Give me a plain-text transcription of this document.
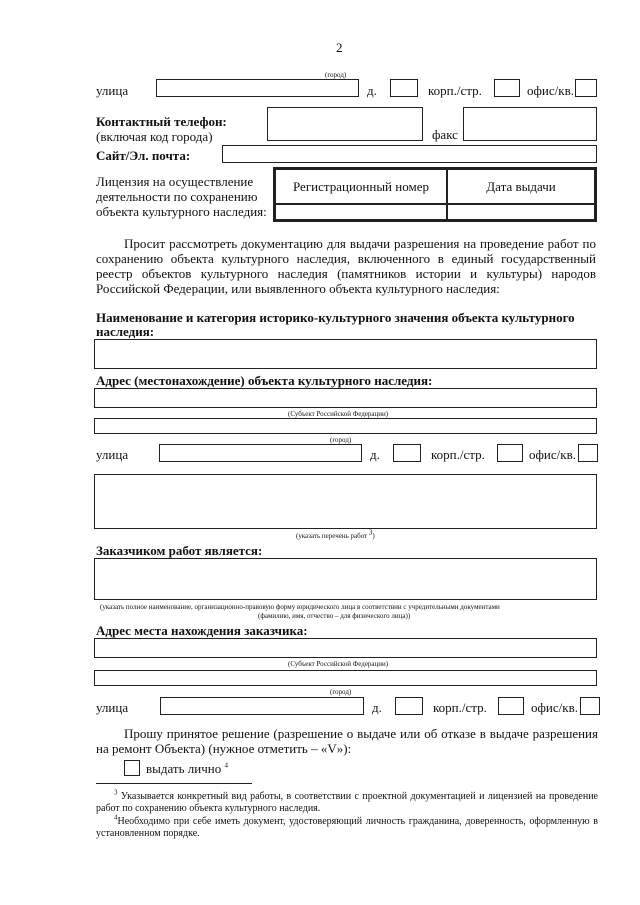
2
(город)
улица	д.	корп./стр.	офис/кв.
Контактный телефон:
(включая код города)	факс
Сайт/Эл. почта:
Лицензия на осуществление
деятельности по сохранению
объекта культурного наследия:
Регистрационный номер	Дата выдачи
Просит рассмотреть документацию для выдачи разрешения на проведение работ по сохранению объекта культурного наследия, включенного в единый государственный реестр объектов культурного наследия (памятников истории и культуры) народов Российской Федерации, или выявленного объекта культурного наследия:
Наименование и категория историко-культурного значения объекта культурного
наследия:
Адрес (местонахождение) объекта культурного наследия:
(Субъект Российской Федерации)
(город)
улица	д.	корп./стр.	офис/кв.
(указать перечень работ $^3$)
Заказчиком работ является:
(указать полное наименование, организационно-правовую форму юридического лица в соответствии с учредительными документами
(фамилию, имя, отчество – для физического лица))
Адрес места нахождения заказчика:
(Субъект Российской Федерации)
(город)
улица	д.	корп./стр.	офис/кв.
Прошу принятое решение (разрешение о выдаче или об отказе в выдаче разрешения на ремонт Объекта) (нужное отметить – «V»):
выдать лично $^4$
$^3$ Указывается конкретный вид работы, в соответствии с проектной документацией и лицензией на проведение работ по сохранению объекта культурного наследия.
$^4$Необходимо при себе иметь документ, удостоверяющий личность гражданина, доверенность, оформленную в установленном порядке.
